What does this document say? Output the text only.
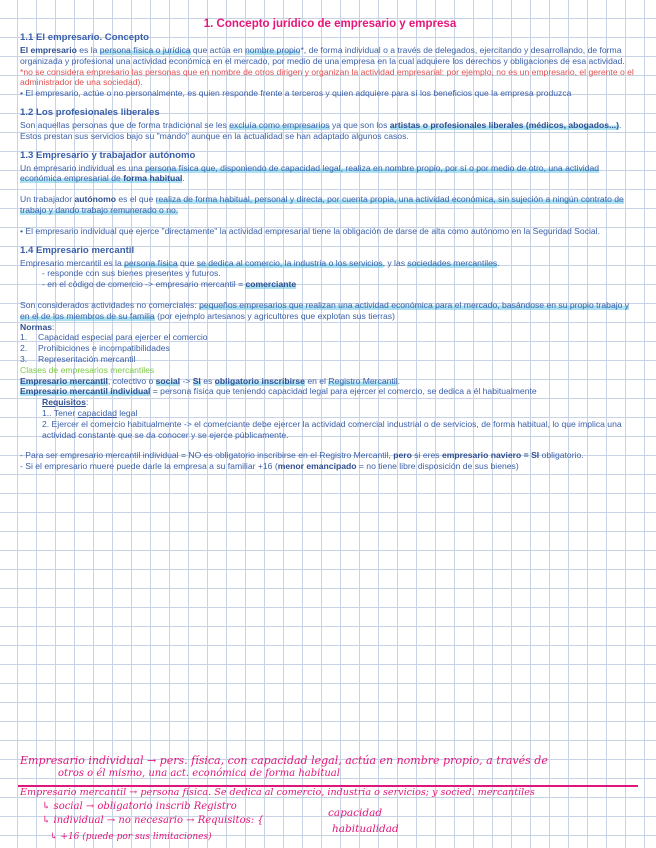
1. Concepto jurídico de empresario y empresa
1.1 El empresario. Concepto

El empresario es la persona física o jurídica que actúa en nombre propio*, de forma individual o a través de delegados, ejercitando y desarrollando, de forma organizada y profesional una actividad económica en el mercado, por medio de una empresa en la cual adquiere los derechos y obligaciones de esa actividad.

*no se considera empresario las personas que en nombre de otros dirigen y organizan la actividad empresarial: por ejemplo, no es un empresario, el gerente o el administrador de una sociedad).

• El empresario, actúe o no personalmente, es quien responde frente a terceros y quien adquiere para sí los beneficios que la empresa produzca

1.2 Los profesionales liberales

Son aquellas personas que de forma tradicional se les excluía como empresarios ya que son los artistas o profesionales liberales (médicos, abogados...). Estos prestan sus servicios bajo su "mando" aunque en la actualidad se han adaptado algunos casos.

1.3 Empresario y trabajador autónomo

Un empresario individual es una persona física que, disponiendo de capacidad legal, realiza en nombre propio, por sí o por medio de otro, una actividad económica empresarial de forma habitual.

Un trabajador autónomo es el que realiza de forma habitual, personal y directa, por cuenta propia, una actividad económica, sin sujeción a ningún contrato de trabajo y dando trabajo remunerado o no.

• El empresario individual que ejerce "directamente" la actividad empresarial tiene la obligación de darse de alta como autónomo en la Seguridad Social.

1.4 Empresario mercantil

Empresario mercantil es la persona física que se dedica al comercio, la industria o los servicios, y las sociedades mercantiles.

- responde con sus bienes presentes y futuros.

- en el código de comercio -> empresario mercantil = comerciante

Son considerados actividades no comerciales: pequeños empresarios que realizan una actividad económica para el mercado, basándose en su propio trabajo y en el de los miembros de su familia (por ejemplo artesanos y agricultores que explotan sus tierras)

Normas:

1. Capacidad especial para ejercer el comercio
2. Prohibiciones e incompatibilidades
3. Representación mercantil

Clases de empresarios mercantiles

Empresario mercantil, colectivo o social -> SI es obligatorio inscribirse en el Registro Mercantil.

Empresario mercantil individual = persona física que teniendo capacidad legal para ejercer el comercio, se dedica a él habitualmente

Requisitos:

1.. Tener capacidad legal

2. Ejercer el comercio habitualmente -> el comerciante debe ejercer la actividad comercial industrial o de servicios, de forma habitual, lo que implica una actividad constante que se da conocer y se ejerce públicamente.

- Para ser empresario mercantil individual = NO es obligatorio inscribirse en el Registro Mercantil, pero si eres empresario naviero = SI obligatorio.

- Si el empresario muere puede darle la empresa a su familiar +16 (menor emancipado = no tiene libre disposición de sus bienes)

Empresario individual → pers. física, con capacidad legal, actúa en nombre propio, a través de
otros o él mismo, una act. económica de forma habitual
Empresario mercantil → persona física. Se dedica al comercio, industria o servicios; y socied. mercantiles
↳ social → obligatorio inscrib Registro
↳ individual → no necesario → Requisitos: {
capacidad
habitualidad
↳ +16 (puede por sus limitaciones)
